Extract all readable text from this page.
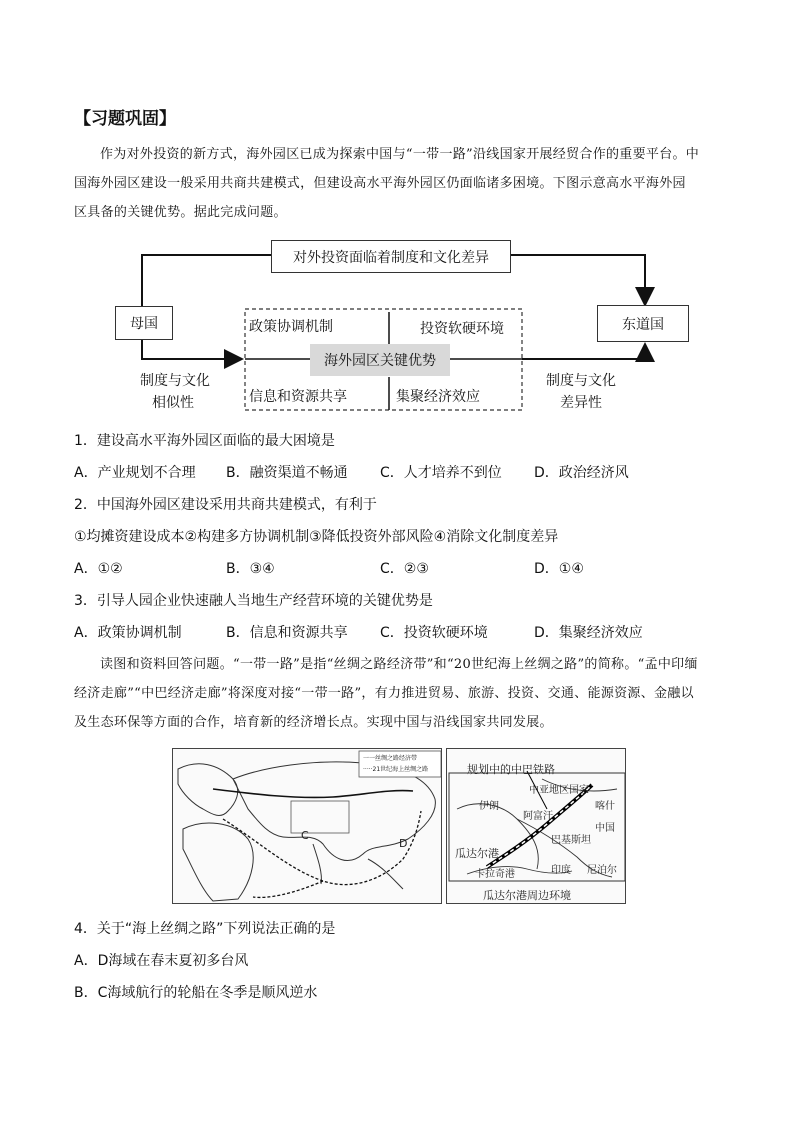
【习题巩固】

作为对外投资的新方式，海外园区已成为探索中国与“一带一路”沿线国家开展经贸合作的重要平台。中

国海外园区建设一般采用共商共建模式，但建设高水平海外园区仍面临诸多困境。下图示意高水平海外园

区具备的关键优势。据此完成问题。

对外投资面临着制度和文化差异
母国	东道国
海外园区关键优势
政策协调机制	投资软硬环境
信息和资源共享	集聚经济效应
制度与文化
相似性
制度与文化
差异性
1．建设高水平海外园区面临的最大困境是
A．产业规划不合理 B．融资渠道不畅通 C．人才培养不到位 D．政治经济风
2．中国海外园区建设采用共商共建模式，有利于
①均摊资建设成本②构建多方协调机制③降低投资外部风险④消除文化制度差异
A．①②	B．③④	C．②③	D．①④
3．引导人园企业快速融人当地生产经营环境的关键优势是
A．政策协调机制	B．信息和资源共享 C．投资软硬环境	D．集聚经济效应

读图和资料回答问题。“一带一路”是指“丝绸之路经济带”和“20世纪海上丝绸之路”的简称。“孟中印缅

经济走廊”“中巴经济走廊”将深度对接“一带一路”，有力推进贸易、旅游、投资、交通、能源资源、金融以

及生态环保等方面的合作，培育新的经济增长点。实现中国与沿线国家共同发展。

一一丝绸之路经济带
·····21世纪海上丝绸之路
C
D
规划中的中巴铁路
中亚地区国家
伊朗
阿富汗
喀什
中国
巴基斯坦
瓜达尔港
卡拉奇港	印度 尼泊尔
瓜达尔港周边环境
4．关于“海上丝绸之路”下列说法正确的是
A．D海域在春末夏初多台风
B．C海域航行的轮船在冬季是顺风逆水
